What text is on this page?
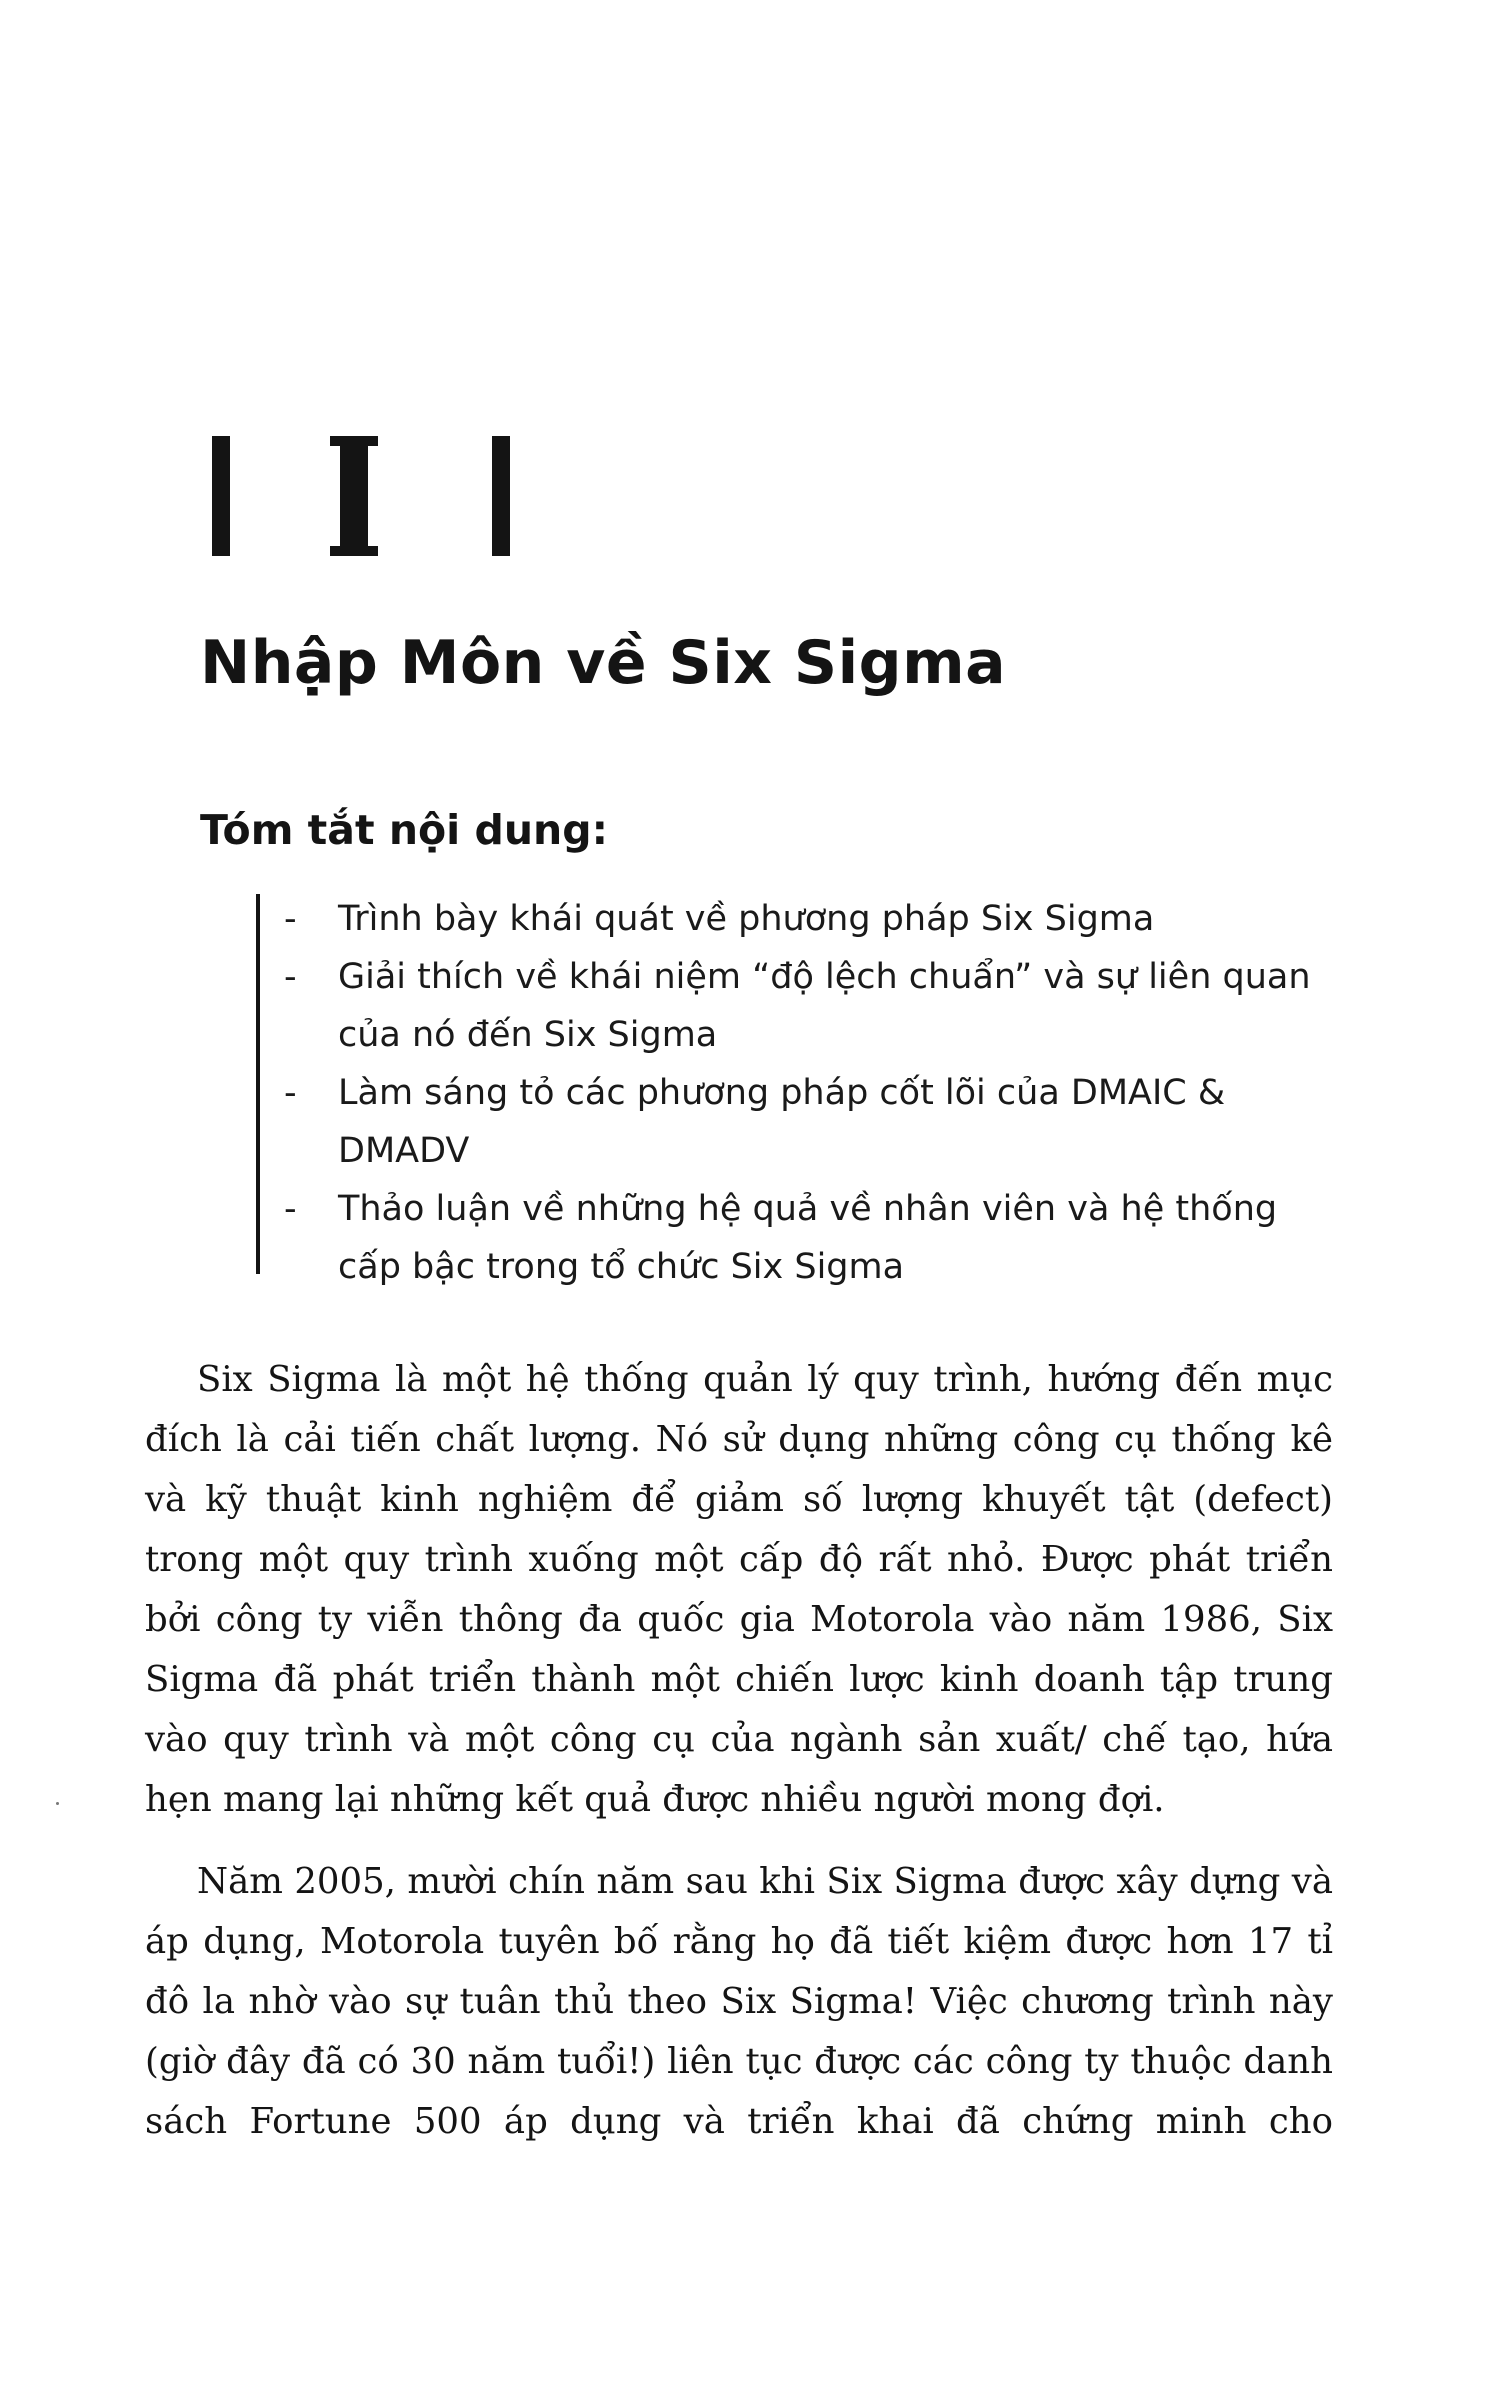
Nhập Môn về Six Sigma
Tóm tắt nội dung:
- Trình bày khái quát về phương pháp Six Sigma
- Giải thích về khái niệm “độ lệch chuẩn” và sự liên quan của nó đến Six Sigma
- Làm sáng tỏ các phương pháp cốt lõi của DMAIC & DMADV
- Thảo luận về những hệ quả về nhân viên và hệ thống cấp bậc trong tổ chức Six Sigma

Six Sigma là một hệ thống quản lý quy trình, hướng đến mục đích là cải tiến chất lượng. Nó sử dụng những công cụ thống kê và kỹ thuật kinh nghiệm để giảm số lượng khuyết tật (defect) trong một quy trình xuống một cấp độ rất nhỏ. Được phát triển bởi công ty viễn thông đa quốc gia Motorola vào năm 1986, Six Sigma đã phát triển thành một chiến lược kinh doanh tập trung vào quy trình và một công cụ của ngành sản xuất/ chế tạo, hứa hẹn mang lại những kết quả được nhiều người mong đợi.

Năm 2005, mười chín năm sau khi Six Sigma được xây dựng và áp dụng, Motorola tuyên bố rằng họ đã tiết kiệm được hơn 17 tỉ đô la nhờ vào sự tuân thủ theo Six Sigma! Việc chương trình này (giờ đây đã có 30 năm tuổi!) liên tục được các công ty thuộc danh sách Fortune 500 áp dụng và triển khai đã chứng minh cho
